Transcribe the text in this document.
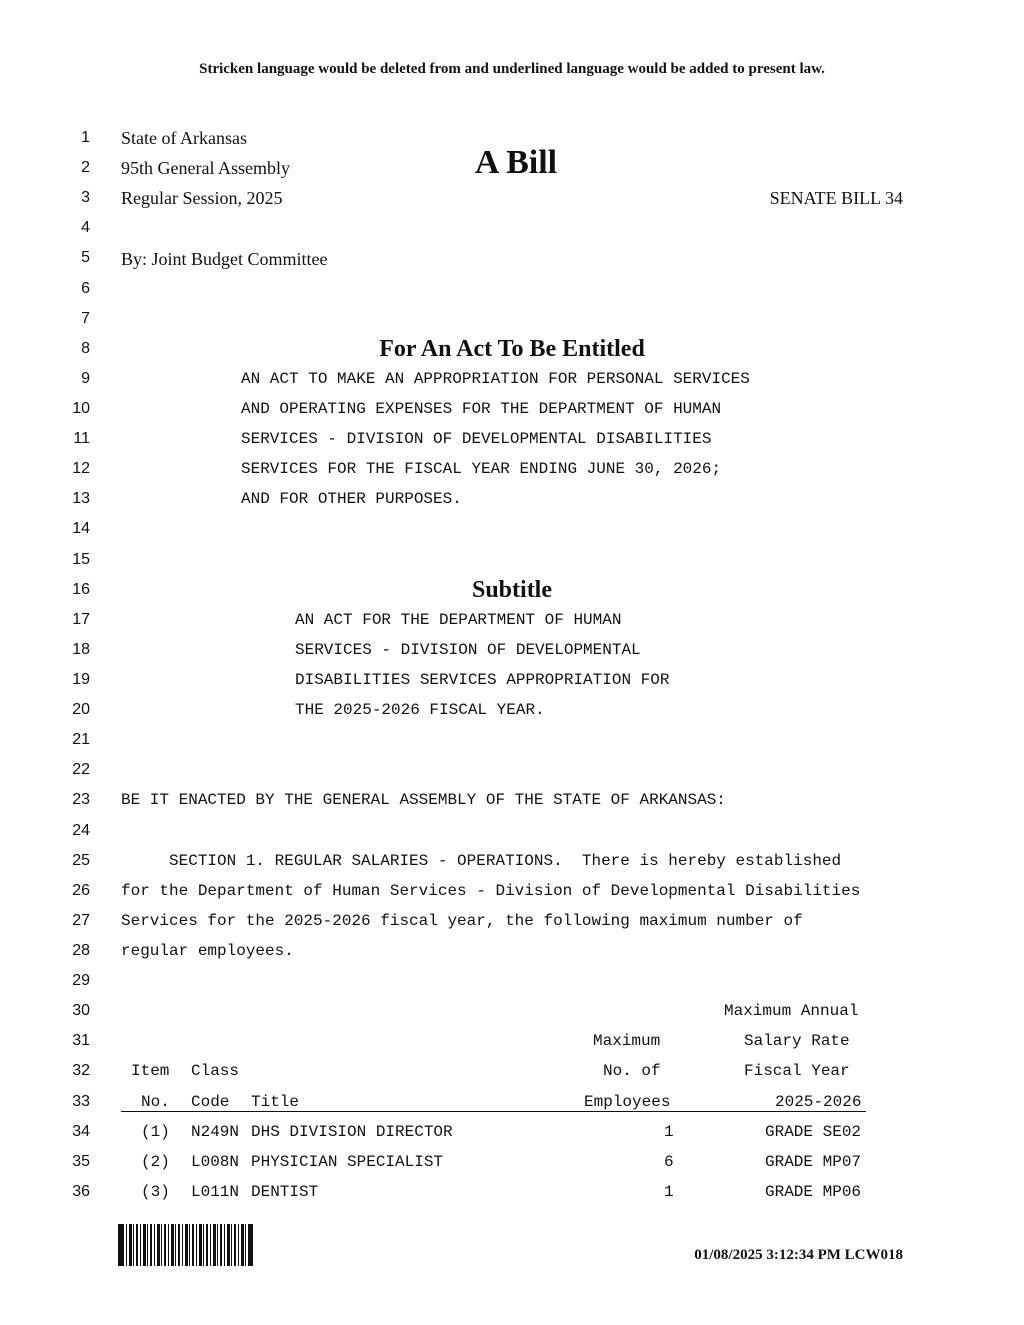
Stricken language would be deleted from and underlined language would be added to present law.
1
2
3
4
5
6
7
8
9
10
11
12
13
14
15
16
17
18
19
20
21
22
23
24
25
26
27
28
29
30
31
32
33
34
35
36
State of Arkansas
95th General Assembly
Regular Session, 2025
A Bill
SENATE BILL 34
By: Joint Budget Committee
For An Act To Be Entitled
AN ACT TO MAKE AN APPROPRIATION FOR PERSONAL SERVICES
AND OPERATING EXPENSES FOR THE DEPARTMENT OF HUMAN
SERVICES - DIVISION OF DEVELOPMENTAL DISABILITIES
SERVICES FOR THE FISCAL YEAR ENDING JUNE 30, 2026;
AND FOR OTHER PURPOSES.
Subtitle
AN ACT FOR THE DEPARTMENT OF HUMAN
SERVICES - DIVISION OF DEVELOPMENTAL
DISABILITIES SERVICES APPROPRIATION FOR
THE 2025-2026 FISCAL YEAR.
BE IT ENACTED BY THE GENERAL ASSEMBLY OF THE STATE OF ARKANSAS:
SECTION 1. REGULAR SALARIES - OPERATIONS.  There is hereby established
for the Department of Human Services - Division of Developmental Disabilities
Services for the 2025-2026 fiscal year, the following maximum number of
regular employees.
Maximum Annual
Maximum	Salary Rate
Item Class	No. of	Fiscal Year
No. Code Title	Employees	2025-2026
(1) N249N DHS DIVISION DIRECTOR	1	GRADE SE02
(2) L008N PHYSICIAN SPECIALIST	6	GRADE MP07
(3) L011N DENTIST	1	GRADE MP06
01/08/2025 3:12:34 PM LCW018
